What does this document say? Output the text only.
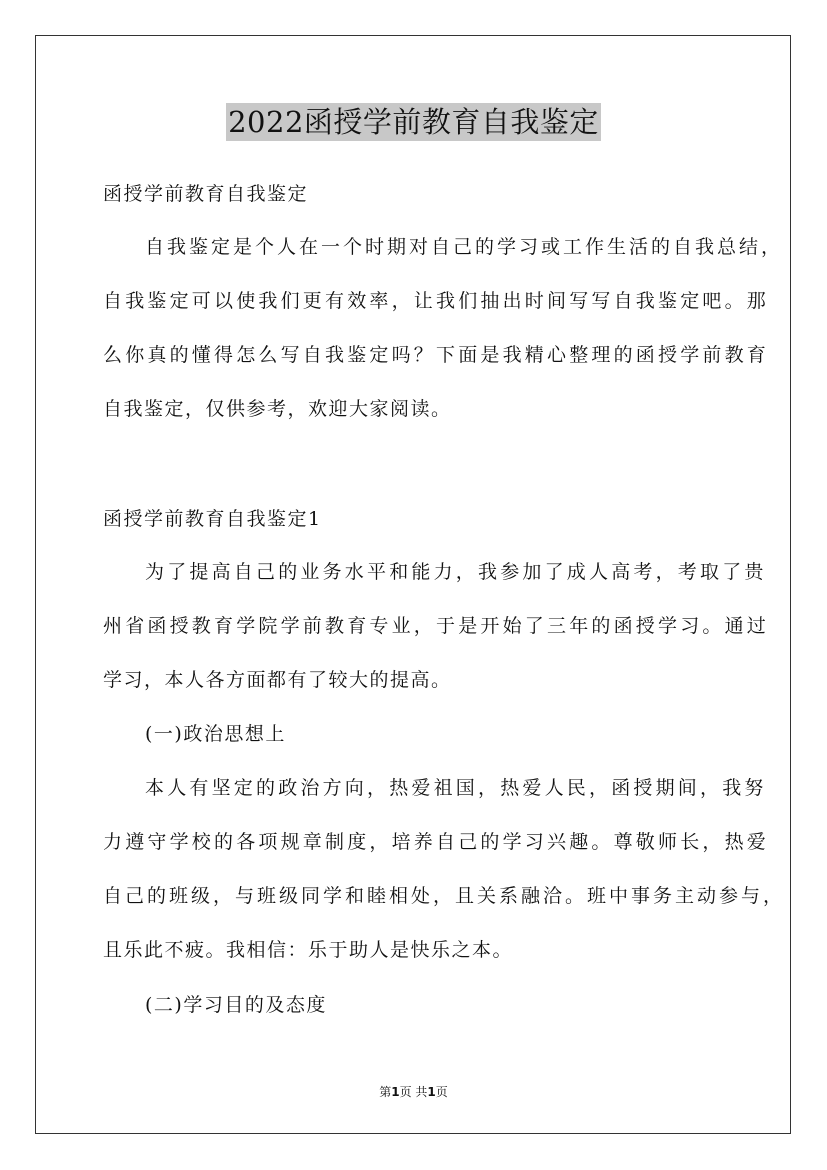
2022函授学前教育自我鉴定
函授学前教育自我鉴定
自我鉴定是个人在一个时期对自己的学习或工作生活的自我总结，
自我鉴定可以使我们更有效率，让我们抽出时间写写自我鉴定吧。那
么你真的懂得怎么写自我鉴定吗？下面是我精心整理的函授学前教育
自我鉴定，仅供参考，欢迎大家阅读。
函授学前教育自我鉴定1
为了提高自己的业务水平和能力，我参加了成人高考，考取了贵
州省函授教育学院学前教育专业，于是开始了三年的函授学习。通过
学习，本人各方面都有了较大的提高。
(一)政治思想上
本人有坚定的政治方向，热爱祖国，热爱人民，函授期间，我努
力遵守学校的各项规章制度，培养自己的学习兴趣。尊敬师长，热爱
自己的班级，与班级同学和睦相处，且关系融洽。班中事务主动参与，
且乐此不疲。我相信：乐于助人是快乐之本。
(二)学习目的及态度
第1页 共1页
